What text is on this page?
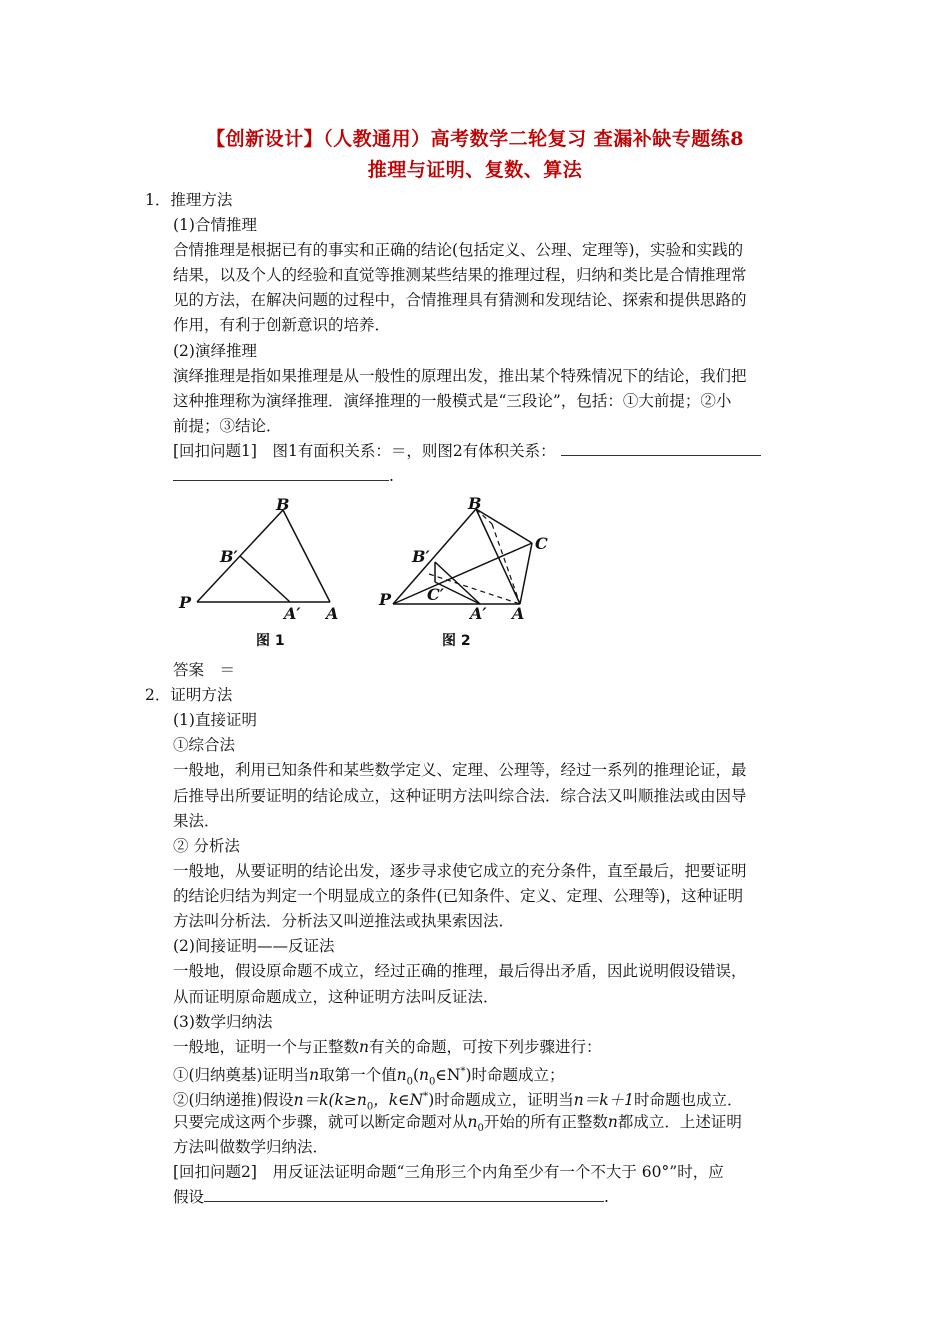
【创新设计】（人教通用）高考数学二轮复习 查漏补缺专题练8
推理与证明、复数、算法
1．推理方法
(1)合情推理
合情推理是根据已有的事实和正确的结论(包括定义、公理、定理等)，实验和实践的
结果，以及个人的经验和直觉等推测某些结果的推理过程，归纳和类比是合情推理常
见的方法，在解决问题的过程中，合情推理具有猜测和发现结论、探索和提供思路的
作用，有利于创新意识的培养．
(2)演绎推理
演绎推理是指如果推理是从一般性的原理出发，推出某个特殊情况下的结论，我们把
这种推理称为演绎推理．演绎推理的一般模式是“三段论”，包括：①大前提；②小
前提；③结论．
[回扣问题1]　图1有面积关系：＝，则图2有体积关系：
.
B
B′
P
A′ A
图 1
B
C
B′
C′
P
A′ A
图 2
答案　＝
2．证明方法
(1)直接证明
①综合法
一般地，利用已知条件和某些数学定义、定理、公理等，经过一系列的推理论证，最
后推导出所要证明的结论成立，这种证明方法叫综合法．综合法又叫顺推法或由因导
果法．
② 分析法
一般地，从要证明的结论出发，逐步寻求使它成立的充分条件，直至最后，把要证明
的结论归结为判定一个明显成立的条件(已知条件、定义、定理、公理等)，这种证明
方法叫分析法．分析法又叫逆推法或执果索因法．
(2)间接证明——反证法
一般地，假设原命题不成立，经过正确的推理，最后得出矛盾，因此说明假设错误，
从而证明原命题成立，这种证明方法叫反证法．
(3)数学归纳法
一般地，证明一个与正整数n有关的命题，可按下列步骤进行：
①(归纳奠基)证明当n取第一个值$n_0(n_0\in N^*)$时命题成立；
②(归纳递推)假设$n=k(k\ge n_0$，k∈N*)时命题成立，证明当n＝k＋1时命题也成立．
只要完成这两个步骤，就可以断定命题对从$n_0$开始的所有正整数n都成立．上述证明
方法叫做数学归纳法．
[回扣问题2]　用反证法证明命题“三角形三个内角至少有一个不大于 60°”时，应
假设	.
